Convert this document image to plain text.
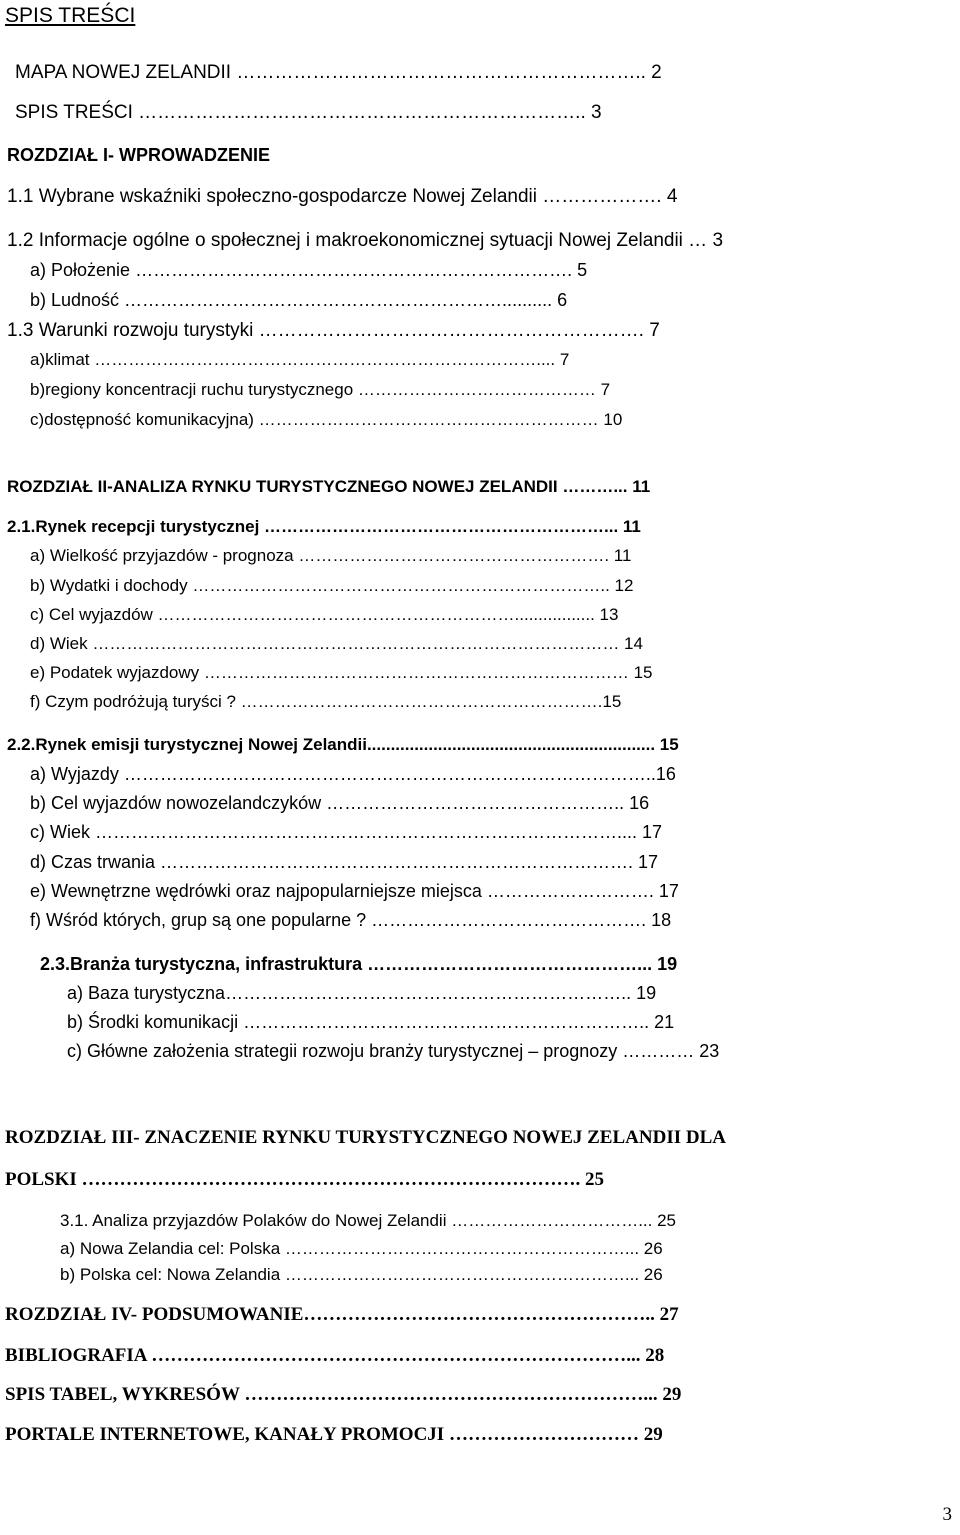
SPIS TREŚCI
MAPA NOWEJ ZELANDII ……………………………………………………….. 2
SPIS TREŚCI …………………………………………………………….. 3
ROZDZIAŁ I- WPROWADZENIE
1.1 Wybrane wskaźniki społeczno-gospodarcze Nowej Zelandii ………………. 4
1.2 Informacje ogólne o społecznej i makroekonomicznej sytuacji Nowej Zelandii … 3
a) Położenie ………………………………………………………………. 5
b) Ludność ……………………………………………………….......... 6
1.3 Warunki rozwoju turystyki ……………………………………………………. 7
a)klimat …………………………………………………………………….... 7
b)regiony koncentracji ruchu turystycznego …………………………………… 7
c)dostępność komunikacyjna) …………………………………………………… 10
ROZDZIAŁ II-ANALIZA RYNKU TURYSTYCZNEGO NOWEJ ZELANDII ………... 11
2.1.Rynek recepcji turystycznej ……………………………………………………... 11
a) Wielkość przyjazdów - prognoza ………………………………………………. 11
b) Wydatki i dochody ……………………………………………………………….. 12
c) Cel wyjazdów ………………………………………………………................. 13
d) Wiek ………………………………………………………………………………… 14
e) Podatek wyjazdowy ………………………………………………………………… 15
f) Czym podróżują turyści ? ……………………………………………………….15
2.2.Rynek emisji turystycznej Nowej Zelandii............................................................. 15
a) Wyjazdy ……………………………………………………………………………..16
b) Cel wyjazdów nowozelandczyków ………………………………………….. 16
c) Wiek …………………………………………………………………………….... 17
d) Czas trwania ……………………………………………………………………. 17
e) Wewnętrzne wędrówki oraz najpopularniejsze miejsca ………………………. 17
f) Wśród których, grup są one popularne ? ………………………………………. 18
2.3.Branża turystyczna, infrastruktura ………………………………………... 19
a) Baza turystyczna………………………………………………………….. 19
b) Środki komunikacji ………………………………………………………….. 21
c) Główne założenia strategii rozwoju branży turystycznej – prognozy ………… 23
ROZDZIAŁ III- ZNACZENIE RYNKU TURYSTYCZNEGO NOWEJ ZELANDII DLA
POLSKI ……………………………………………………………………. 25
3.1. Analiza przyjazdów Polaków do Nowej Zelandii ……………………………... 25
a) Nowa Zelandia cel: Polska ……………………………………………………... 26
b) Polska cel: Nowa Zelandia ……………………………………………………... 26
ROZDZIAŁ IV- PODSUMOWANIE……………………………………………….. 27
BIBLIOGRAFIA …………………………………………………………………... 28
SPIS TABEL, WYKRESÓW ………………………………………………………... 29
PORTALE INTERNETOWE, KANAŁY PROMOCJI ………………………… 29
3
